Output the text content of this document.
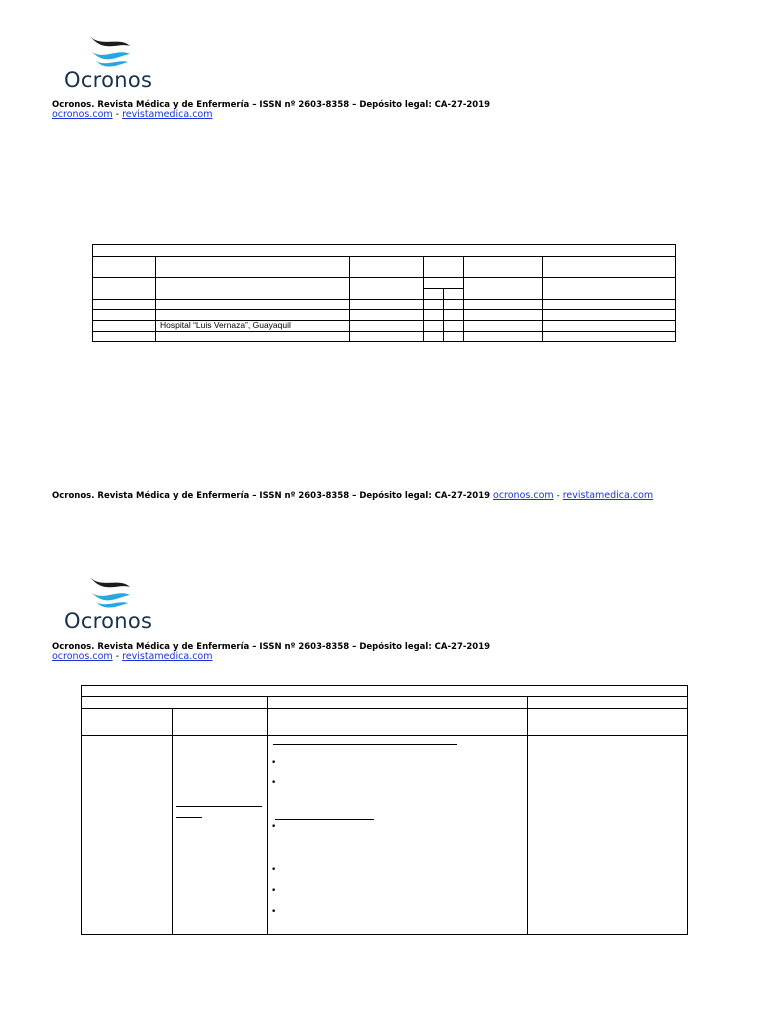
Ocronos
Ocronos. Revista Médica y de Enfermería – ISSN nº 2603-8358 – Depósito legal: CA-27-2019
ocronos.com - revistamedica.com
Hospital “Luis Vernaza”, Guayaquil
Ocronos. Revista Médica y de Enfermería – ISSN nº 2603-8358 – Depósito legal: CA-27-2019 ocronos.com - revistamedica.com
Ocronos
Ocronos. Revista Médica y de Enfermería – ISSN nº 2603-8358 – Depósito legal: CA-27-2019
ocronos.com - revistamedica.com
•
•
•
•
•
•
